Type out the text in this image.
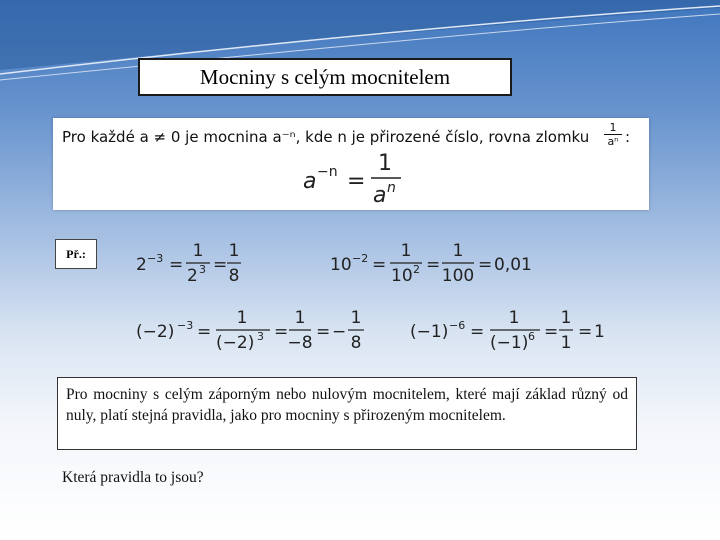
Mocniny s celým mocnitelem
Pro každé a ≠ 0 je mocnina a⁻ⁿ, kde n je přirozené číslo, rovna zlomku $\frac{1}{\text{aⁿ}}$ :
a −n =
1
a n
Př.:
2 −3 =
1
2 3 =
1
8
10 −2 =
1
10 2 =
1
100
= 0,01
(−2) −3 =
1
(−2) 3 =
1
−8
= −
1
8
(−1) −6 =
1
(−1) 6 =
1
1
= 1
Pro mocniny s celým záporným nebo nulovým mocnitelem, které mají základ různý od nuly, platí stejná pravidla, jako pro mocniny s přirozeným mocnitelem.
Která pravidla to jsou?
